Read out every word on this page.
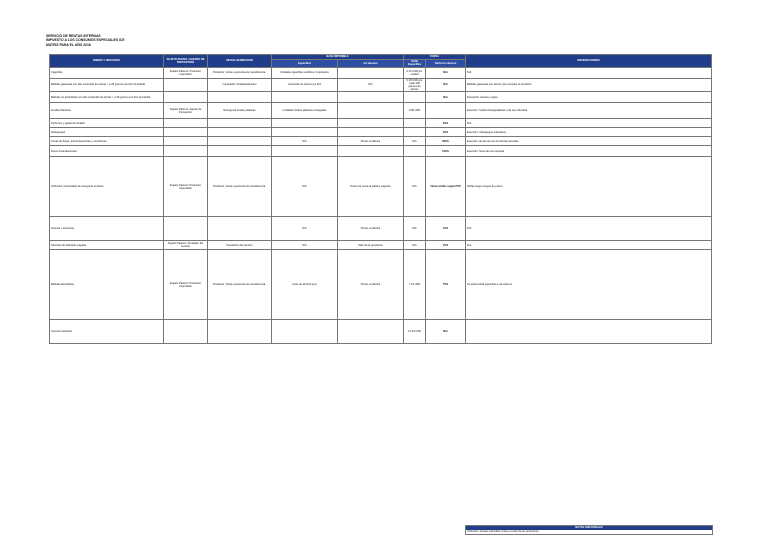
SERVICIO DE RENTAS INTERNAS
IMPUESTO A LOS CONSUMOS ESPECIALES ICE
MATRIZ PARA EL AÑO 2016
BIENES Y SERVICIOS	SUJETO PASIVO / AGENTE DE PERCEPCIÓN	HECHO GENERADOR	BASE IMPONIBLE		TARIFA		OBSERVACIONES
			Específica	Ad valorem	Tarifa Específica	Tarifa Ad valorem	
Cigarrillos	Sujetos Pasivos: Productor, Importador	Productor: Venta a personas de transferencia.	Unidades cigarrillos vendidos / importados		0.16 USD por unidad	N/A	N/A
Bebidas gaseosas con alto contenido de azúcar > a 25 gramos por litro de bebida		Importador: Desaduanización	Contenido de azúcar por litro	N/A	0.18 USD por cada 100 gramos de azúcar	N/A	Bebidas gaseosas con azúcar que cumplan la condición
Bebidas no alcohólicas con alto contenido de azúcar > a 25 gramos por litro de bebida						N/A	Excepción: lácteos y jugos
Fundas Plásticas	Sujetos Pasivos: Agente de Percepción	Entrega de fundas plásticas	Unidades fundas plásticas entregadas		0.08 USD		Exención: fundas biodegradables o de uso industrial
Perfumes y aguas de tocador						20%	N/A
Videojuegos						35%	Exención: videojuegos educativos
Armas de fuego, armas deportivas y municiones			N/A	Precio ex-fábrica	N/A	300%	Exención: armas de uso de fuerzas armadas
Focos incandescentes						100%	Exención: focos de uso especial
Vehículos motorizados de transporte terrestre	Sujetos Pasivos: Productor, Importador	Productor: Venta a personas de transferencia.	N/A	Precio de venta al público sugerido	N/A	Varias tarifas según PVP	Tarifas según rangos de precio
Aviones y avionetas			N/A	Precio ex-fábrica	N/A	15%	N/A
Servicios de televisión pagada	Sujetos Pasivos: Prestador del servicio	Prestación del servicio	N/A	Valor de la prestación	N/A	15%	N/A
Bebidas alcohólicas	Sujetos Pasivos: Productor, Importador	Productor: Venta a personas de transferencia.	Litros de alcohol puro	Precio ex-fábrica	7.24 USD	75%	Se aplica tarifa específica y ad valorem
Cerveza industrial					12.00 USD	N/A	
NOTAS ADICIONALES
Vehículos: la base imponible incluye el valor de los accesorios.
